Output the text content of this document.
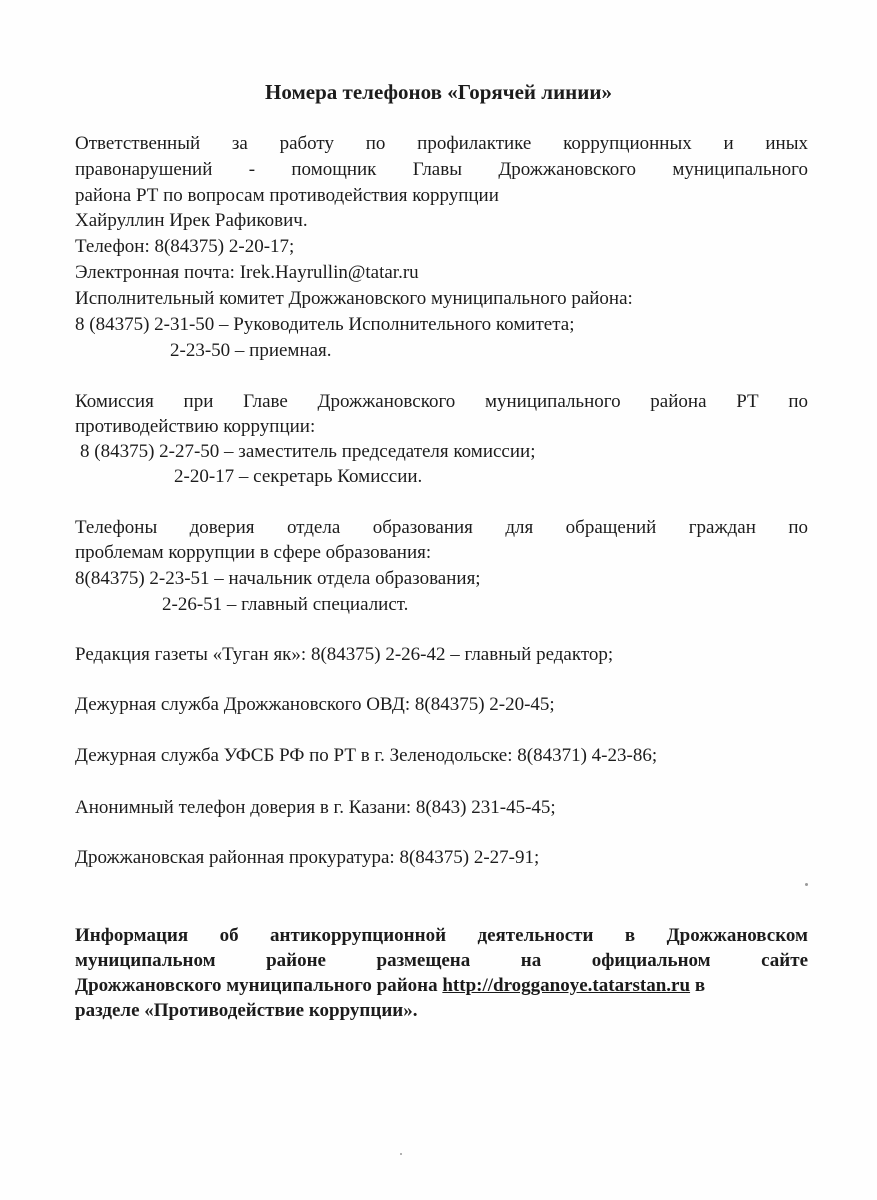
Номера телефонов «Горячей линии»
Ответственный за работу по профилактике коррупционных и иных
правонарушений - помощник Главы Дрожжановского муниципального
района РТ по вопросам противодействия коррупции
Хайруллин Ирек Рафикович.
Телефон: 8(84375) 2-20-17;
Электронная почта: Irek.Hayrullin@tatar.ru
Исполнительный комитет Дрожжановского муниципального района:
8 (84375) 2-31-50 – Руководитель Исполнительного комитета;
2-23-50 – приемная.
Комиссия при Главе Дрожжановского муниципального района РТ по
противодействию коррупции:
8 (84375) 2-27-50 – заместитель председателя комиссии;
2-20-17 – секретарь Комиссии.
Телефоны доверия отдела образования для обращений граждан по
проблемам коррупции в сфере образования:
8(84375) 2-23-51 – начальник отдела образования;
2-26-51 – главный специалист.
Редакция газеты «Туган як»: 8(84375) 2-26-42 – главный редактор;
Дежурная служба Дрожжановского ОВД: 8(84375) 2-20-45;
Дежурная служба УФСБ РФ по РТ в г. Зеленодольске: 8(84371) 4-23-86;
Анонимный телефон доверия в г. Казани: 8(843) 231-45-45;
Дрожжановская районная прокуратура: 8(84375) 2-27-91;
Информация об антикоррупционной деятельности в Дрожжановском
муниципальном районе размещена на официальном сайте
Дрожжановского муниципального района http://drogganoye.tatarstan.ru в
разделе «Противодействие коррупции».
